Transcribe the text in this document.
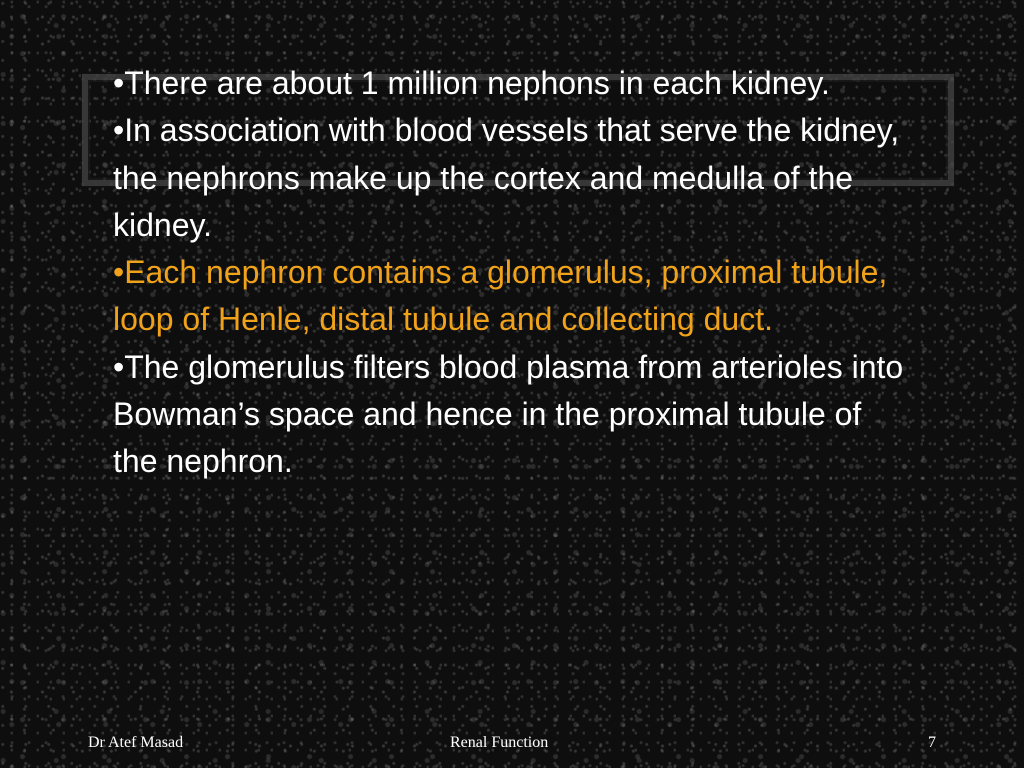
•There are about 1 million nephons in each kidney.
•In association with blood vessels that serve the kidney, the nephrons make up the cortex and medulla of the kidney.
•Each nephron contains a glomerulus, proximal tubule, loop of Henle, distal tubule and collecting duct.
•The glomerulus filters blood plasma from arterioles into Bowman’s space and hence in the proximal tubule of the nephron.
Dr Atef Masad	Renal Function	7
